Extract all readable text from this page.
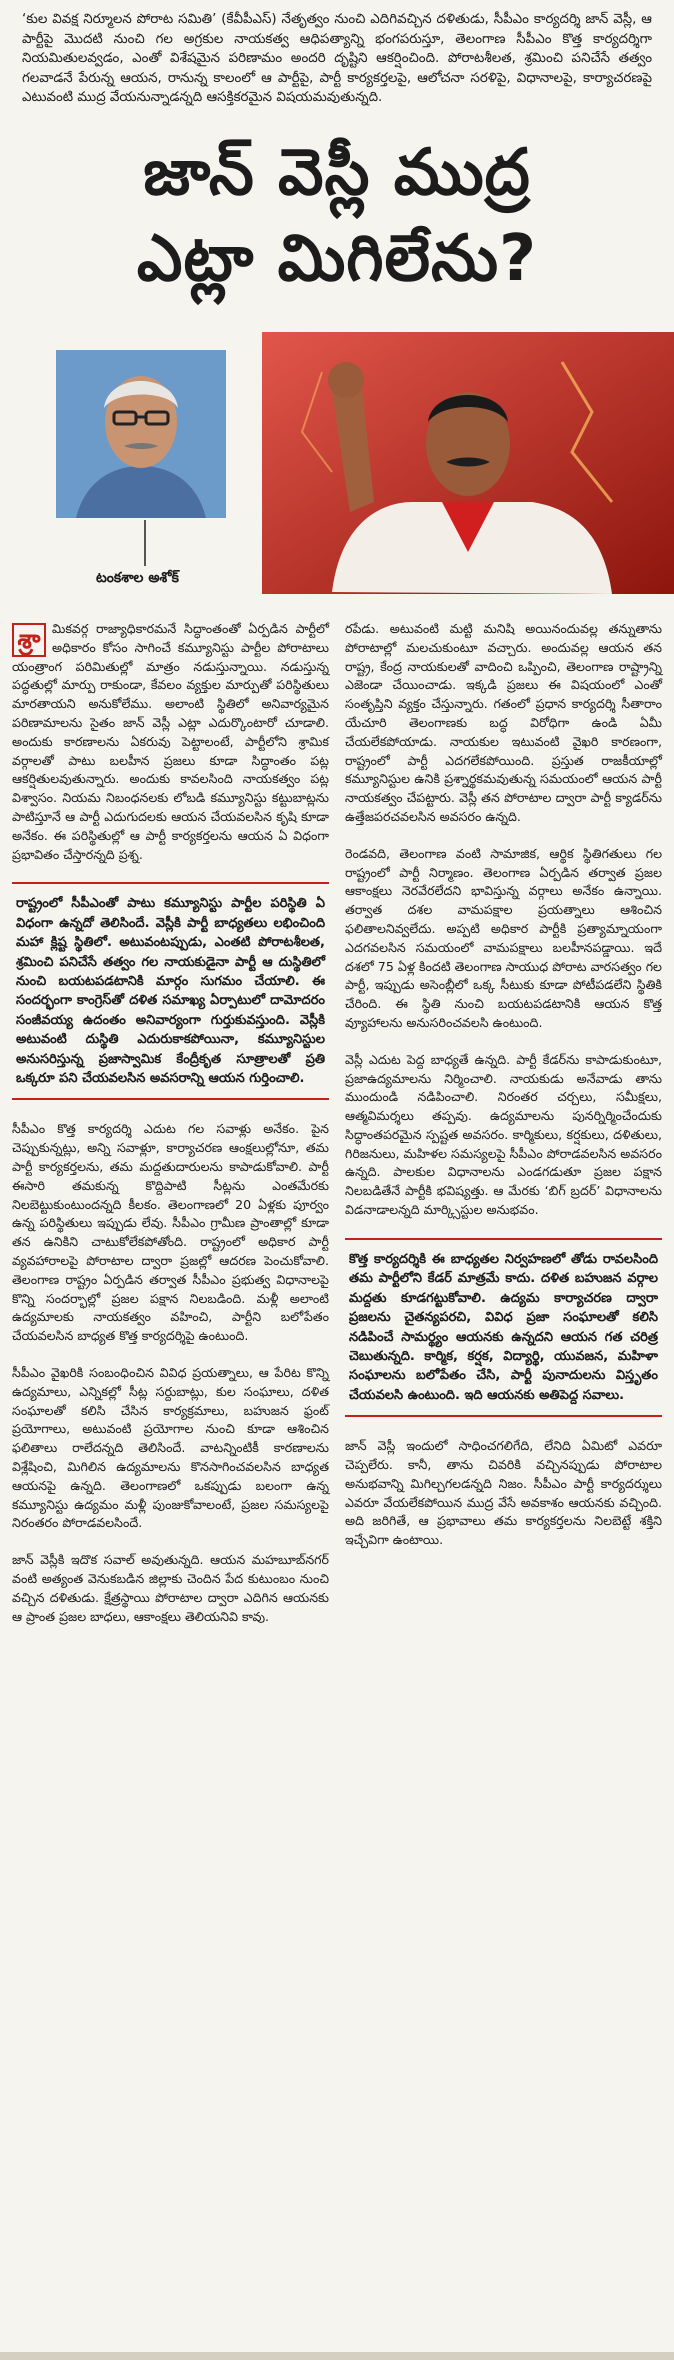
‘కుల వివక్ష నిర్మూలన పోరాట సమితి’ (కేవీపీఎస్) నేతృత్వం నుంచి ఎదిగివచ్చిన దళితుడు, సీపీఎం కార్యదర్శి జాన్ వెస్లీ, ఆ పార్టీపై మొదటి నుంచి గల అగ్రకుల నాయకత్వ ఆధిపత్యాన్ని భంగపరుస్తూ, తెలంగాణ సీపీఎం కొత్త కార్యదర్శిగా నియమితులవ్వడం, ఎంతో విశేషమైన పరిణామం అందరి దృష్టిని ఆకర్షించింది. పోరాటశీలత, శ్రమించి పనిచేసే తత్వం గలవాడనే పేరున్న ఆయన, రానున్న కాలంలో ఆ పార్టీపై, పార్టీ కార్యకర్తలపై, ఆలోచనా సరళిపై, విధానాలపై, కార్యాచరణపై ఎటువంటి ముద్ర వేయనున్నాడన్నది ఆసక్తికరమైన విషయమవుతున్నది.

జాన్ వెస్లీ ముద్ర
ఎట్లా మిగిలేను?
టంకశాల అశోక్

శ్రా మికవర్గ రాజ్యాధికారమనే సిద్ధాంతంతో ఏర్పడిన పార్టీలో అధికారం కోసం సాగించే కమ్యూనిస్టు పార్టీల పోరాటాలు యంత్రాంగ పరిమితుల్లో మాత్రం నడుస్తున్నాయి. నడుస్తున్న పద్ధతుల్లో మార్పు రాకుండా, కేవలం వ్యక్తుల మార్పుతో పరిస్థితులు మారతాయని అనుకోలేము. అలాంటి స్థితిలో అనివార్యమైన పరిణామాలను సైతం జాన్ వెస్లీ ఎట్లా ఎదుర్కొంటారో చూడాలి. అందుకు కారణాలను ఏకరువు పెట్టాలంటే, పార్టీలోని శ్రామిక వర్గాలతో పాటు బలహీన ప్రజలు కూడా సిద్ధాంతం పట్ల ఆకర్షితులవుతున్నారు. అందుకు కావలసింది నాయకత్వం పట్ల విశ్వాసం. నియమ నిబంధనలకు లోబడి కమ్యూనిస్టు కట్టుబాట్లను పాటిస్తూనే ఆ పార్టీ ఎదుగుదలకు ఆయన చేయవలసిన కృషి కూడా అనేకం. ఈ పరిస్థితుల్లో ఆ పార్టీ కార్యకర్తలను ఆయన ఏ విధంగా ప్రభావితం చేస్తారన్నది ప్రశ్న.

రాష్ట్రంలో సీపీఎంతో పాటు కమ్యూనిస్టు పార్టీల పరిస్థితి ఏ విధంగా ఉన్నదో తెలిసిందే. వెస్లీకి పార్టీ బాధ్యతలు లభించింది మహా క్లిష్ట స్థితిలో. అటువంటప్పుడు, ఎంతటి పోరాటశీలత, శ్రమించి పనిచేసే తత్వం గల నాయకుడైనా పార్టీ ఆ దుస్థితిలో నుంచి బయటపడటానికి మార్గం సుగమం చేయాలి. ఈ సందర్భంగా కాంగ్రెస్‌తో దళిత సమాఖ్య ఏర్పాటులో దామోదరం సంజీవయ్య ఉదంతం అనివార్యంగా గుర్తుకువస్తుంది. వెస్లీకి అటువంటి దుస్థితి ఎదురుకాకపోయినా, కమ్యూనిస్టుల అనుసరిస్తున్న ప్రజాస్వామిక కేంద్రీకృత సూత్రాలతో ప్రతి ఒక్కరూ పని చేయవలసిన అవసరాన్ని ఆయన గుర్తించాలి.

సీపీఎం కొత్త కార్యదర్శి ఎదుట గల సవాళ్లు అనేకం. పైన చెప్పుకున్నట్లు, అన్ని సవాళ్లూ, కార్యాచరణ ఆంక్షలుల్లోనూ, తమ పార్టీ కార్యకర్తలను, తమ మద్దతుదారులను కాపాడుకోవాలి. పార్టీ ఈసారి తమకున్న కొద్దిపాటి సీట్లను ఎంతమేరకు నిలబెట్టుకుంటుందన్నది కీలకం. తెలంగాణలో 20 ఏళ్లకు పూర్వం ఉన్న పరిస్థితులు ఇప్పుడు లేవు. సీపీఎం గ్రామీణ ప్రాంతాల్లో కూడా తన ఉనికిని చాటుకోలేకపోతోంది. రాష్ట్రంలో అధికార పార్టీ వ్యవహారాలపై పోరాటాల ద్వారా ప్రజల్లో ఆదరణ పెంచుకోవాలి. తెలంగాణ రాష్ట్రం ఏర్పడిన తర్వాత సీపీఎం ప్రభుత్వ విధానాలపై కొన్ని సందర్భాల్లో ప్రజల పక్షాన నిలబడింది. మళ్లీ అలాంటి ఉద్యమాలకు నాయకత్వం వహించి, పార్టీని బలోపేతం చేయవలసిన బాధ్యత కొత్త కార్యదర్శిపై ఉంటుంది.

సీపీఎం వైఖరికి సంబంధించిన వివిధ ప్రయత్నాలు, ఆ పేరిట కొన్ని ఉద్యమాలు, ఎన్నికల్లో సీట్ల సర్దుబాట్లు, కుల సంఘాలు, దళిత సంఘాలతో కలిసి చేసిన కార్యక్రమాలు, బహుజన ఫ్రంట్ ప్రయోగాలు, అటువంటి ప్రయోగాల నుంచి కూడా ఆశించిన ఫలితాలు రాలేదన్నది తెలిసిందే. వాటన్నింటికీ కారణాలను విశ్లేషించి, మిగిలిన ఉద్యమాలను కొనసాగించవలసిన బాధ్యత ఆయనపై ఉన్నది. తెలంగాణలో ఒకప్పుడు బలంగా ఉన్న కమ్యూనిస్టు ఉద్యమం మళ్లీ పుంజుకోవాలంటే, ప్రజల సమస్యలపై నిరంతరం పోరాడవలసిందే.

జాన్ వెస్లీకి ఇదొక సవాల్ అవుతున్నది. ఆయన మహబూబ్‌నగర్ వంటి అత్యంత వెనుకబడిన జిల్లాకు చెందిన పేద కుటుంబం నుంచి వచ్చిన దళితుడు. క్షేత్రస్థాయి పోరాటాల ద్వారా ఎదిగిన ఆయనకు ఆ ప్రాంత ప్రజల బాధలు, ఆకాంక్షలు తెలియనివి కావు.

రపేడు. అటువంటి మట్టి మనిషి అయినందువల్ల తన్నుతాను పోరాటాల్లో మలచుకుంటూ వచ్చారు. అందువల్ల ఆయన తన రాష్ట్ర, కేంద్ర నాయకులతో వాదించి ఒప్పించి, తెలంగాణ రాష్ట్రాన్ని ఎజెండా చేయించాడు. ఇక్కడి ప్రజలు ఈ విషయంలో ఎంతో సంతృప్తిని వ్యక్తం చేస్తున్నారు. గతంలో ప్రధాన కార్యదర్శి సీతారాం యేచూరి తెలంగాణకు బద్ధ విరోధిగా ఉండి ఏమీ చేయలేకపోయాడు. నాయకుల ఇటువంటి వైఖరి కారణంగా, రాష్ట్రంలో పార్టీ ఎదగలేకపోయింది. ప్రస్తుత రాజకీయాల్లో కమ్యూనిస్టుల ఉనికి ప్రశ్నార్థకమవుతున్న సమయంలో ఆయన పార్టీ నాయకత్వం చేపట్టారు. వెస్లీ తన పోరాటాల ద్వారా పార్టీ క్యాడర్‌ను ఉత్తేజపరచవలసిన అవసరం ఉన్నది.

రెండవది, తెలంగాణ వంటి సామాజిక, ఆర్థిక స్థితిగతులు గల రాష్ట్రంలో పార్టీ నిర్మాణం. తెలంగాణ ఏర్పడిన తర్వాత ప్రజల ఆకాంక్షలు నెరవేరలేదని భావిస్తున్న వర్గాలు అనేకం ఉన్నాయి. తర్వాత దశల వామపక్షాల ప్రయత్నాలు ఆశించిన ఫలితాలనివ్వలేదు. అప్పటి అధికార పార్టీకి ప్రత్యామ్నాయంగా ఎదగవలసిన సమయంలో వామపక్షాలు బలహీనపడ్డాయి. ఇదే దశలో 75 ఏళ్ల కిందటి తెలంగాణ సాయుధ పోరాట వారసత్వం గల పార్టీ, ఇప్పుడు అసెంబ్లీలో ఒక్క సీటుకు కూడా పోటీపడలేని స్థితికి చేరింది. ఈ స్థితి నుంచి బయటపడటానికి ఆయన కొత్త వ్యూహాలను అనుసరించవలసి ఉంటుంది.

వెస్లీ ఎదుట పెద్ద బాధ్యతే ఉన్నది. పార్టీ కేడర్‌ను కాపాడుకుంటూ, ప్రజాఉద్యమాలను నిర్మించాలి. నాయకుడు అనేవాడు తాను ముందుండి నడిపించాలి. నిరంతర చర్చలు, సమీక్షలు, ఆత్మవిమర్శలు తప్పవు. ఉద్యమాలను పునర్నిర్మించేందుకు సిద్ధాంతపరమైన స్పష్టత అవసరం. కార్మికులు, కర్షకులు, దళితులు, గిరిజనులు, మహిళల సమస్యలపై సీపీఎం పోరాడవలసిన అవసరం ఉన్నది. పాలకుల విధానాలను ఎండగడుతూ ప్రజల పక్షాన నిలబడితేనే పార్టీకి భవిష్యత్తు. ఆ మేరకు ‘బిగ్ బ్రదర్’ విధానాలను విడనాడాలన్నది మార్క్సిస్టుల అనుభవం.

కొత్త కార్యదర్శికి ఈ బాధ్యతల నిర్వహణలో తోడు రావలసింది తమ పార్టీలోని కేడర్ మాత్రమే కాదు. దళిత బహుజన వర్గాల మద్దతు కూడగట్టుకోవాలి. ఉద్యమ కార్యాచరణ ద్వారా ప్రజలను చైతన్యపరచి, వివిధ ప్రజా సంఘాలతో కలిసి నడిపించే సామర్థ్యం ఆయనకు ఉన్నదని ఆయన గత చరిత్ర చెబుతున్నది. కార్మిక, కర్షక, విద్యార్థి, యువజన, మహిళా సంఘాలను బలోపేతం చేసి, పార్టీ పునాదులను విస్తృతం చేయవలసి ఉంటుంది. ఇది ఆయనకు అతిపెద్ద సవాలు.

జాన్ వెస్లీ ఇందులో సాధించగలిగేది, లేనిది ఏమిటో ఎవరూ చెప్పలేరు. కానీ, తాను చివరికి వచ్చినప్పుడు పోరాటాల అనుభవాన్ని మిగిల్చగలడన్నది నిజం. సీపీఎం పార్టీ కార్యదర్శులు ఎవరూ వేయలేకపోయిన ముద్ర వేసే అవకాశం ఆయనకు వచ్చింది. అది జరిగితే, ఆ ప్రభావాలు తమ కార్యకర్తలను నిలబెట్టే శక్తిని ఇచ్చేవిగా ఉంటాయి.
